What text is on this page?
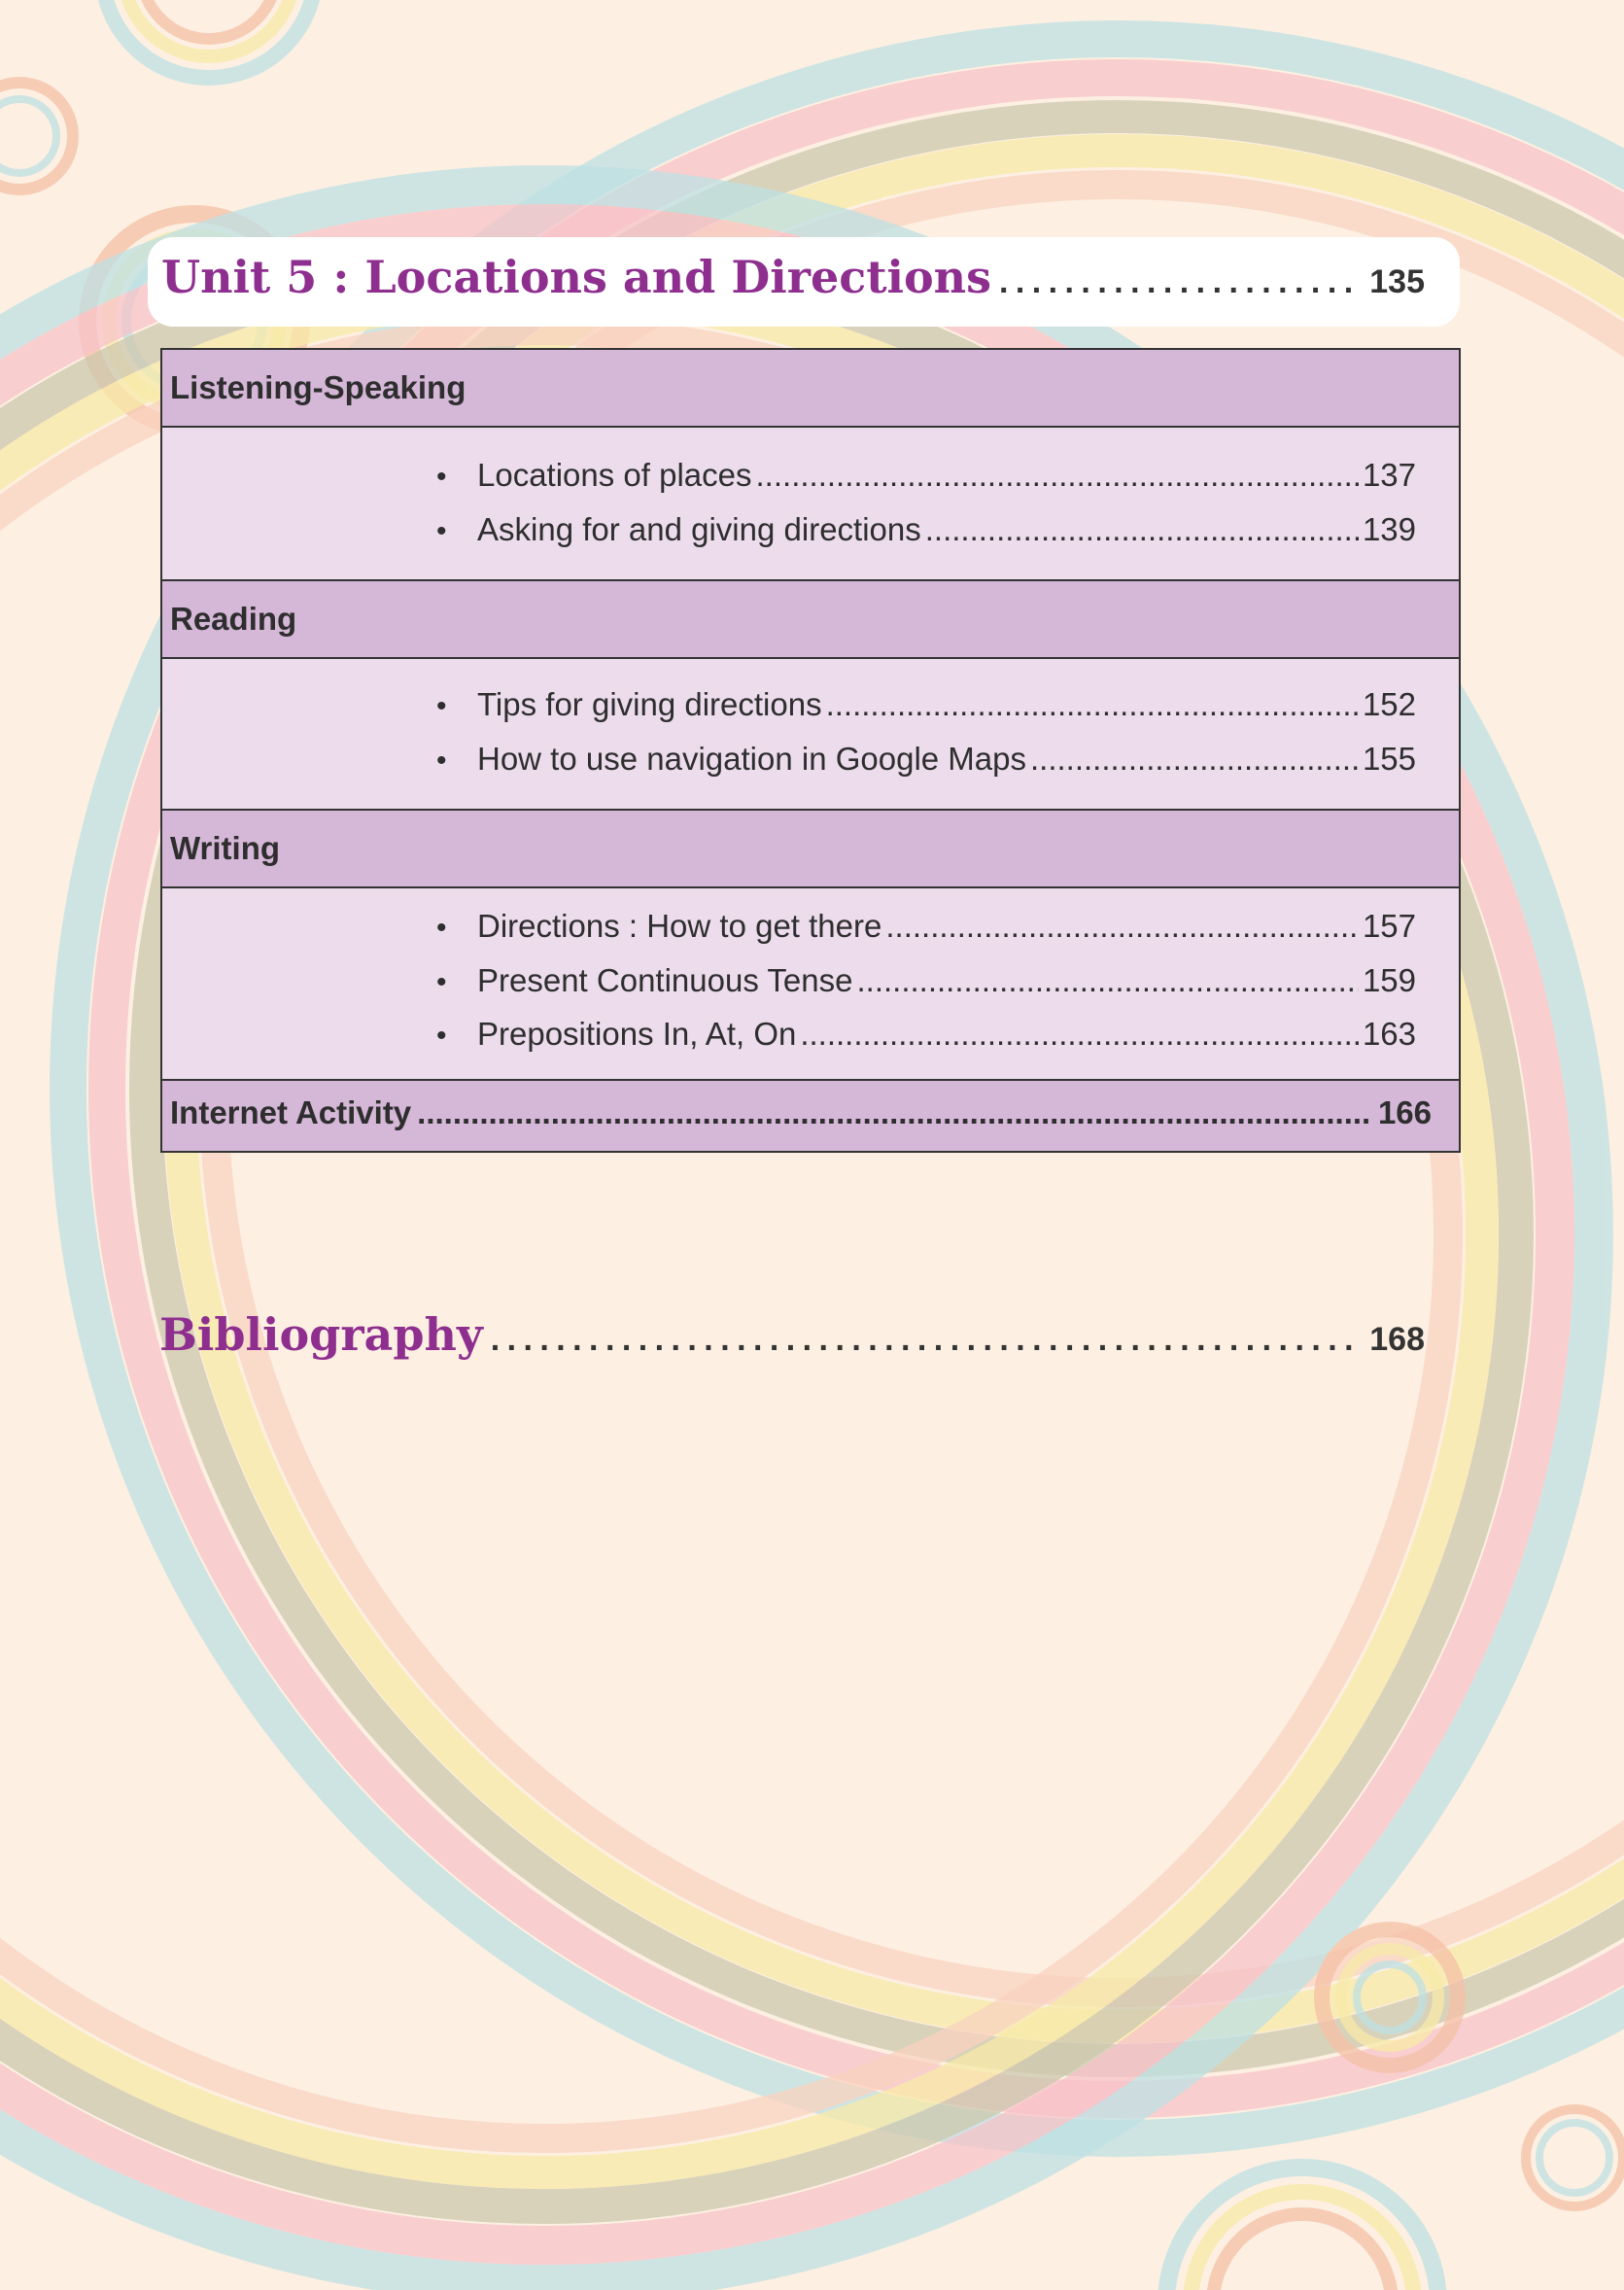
Unit 5 : Locations and Directions . . .	135
Listening-Speaking
• Locations of places .....	137
• Asking for and giving directions .....	139
Reading
• Tips for giving directions .....	152
• How to use navigation in Google Maps .....	155
Writing
• Directions : How to get there .....	157
• Present Continuous Tense .....	159
• Prepositions In, At, On .....	163
Internet Activity .....	166
Bibliography . . .	168
